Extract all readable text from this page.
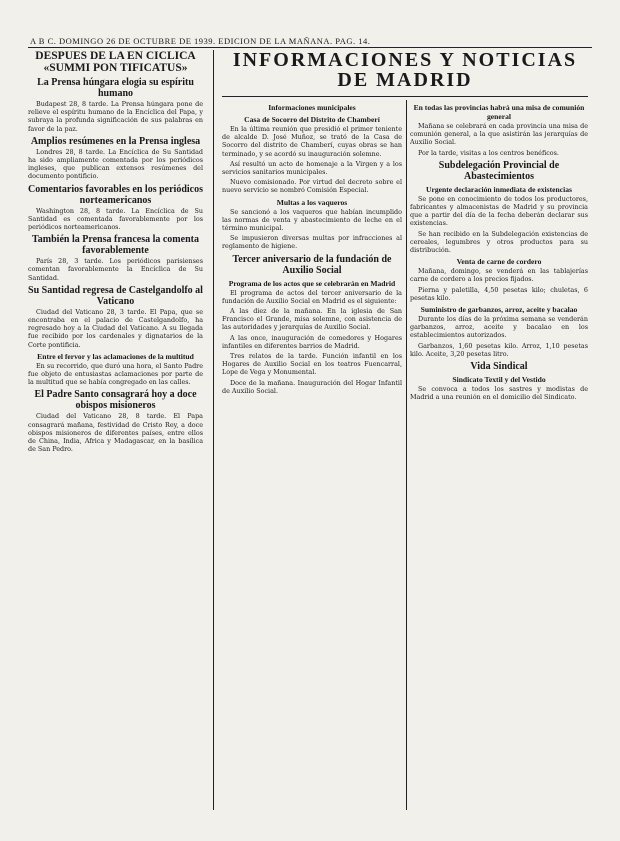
A B C. DOMINGO 26 DE OCTUBRE DE 1939. EDICION DE LA MAÑANA. PAG. 14.
DESPUES DE LA EN CICLICA «SUMMI PON TIFICATUS»
La Prensa húngara elogia su espíritu humano

Budapest 28, 8 tarde. La Prensa húngara pone de relieve el espíritu humano de la Encíclica del Papa, y subraya la profunda significación de sus palabras en favor de la paz.

Amplios resúmenes en la Prensa inglesa

Londres 28, 8 tarde. La Encíclica de Su Santidad ha sido ampliamente comentada por los periódicos ingleses, que publican extensos resúmenes del documento pontificio.

Comentarios favorables en los periódicos norteamericanos

Washington 28, 8 tarde. La Encíclica de Su Santidad es comentada favorablemente por los periódicos norteamericanos.

También la Prensa francesa la comenta favorablemente

París 28, 3 tarde. Los periódicos parisienses comentan favorablemente la Encíclica de Su Santidad.

Su Santidad regresa de Castelgandolfo al Vaticano

Ciudad del Vaticano 28, 3 tarde. El Papa, que se encontraba en el palacio de Castelgandolfo, ha regresado hoy a la Ciudad del Vaticano. A su llegada fue recibido por los cardenales y dignatarios de la Corte pontificia.

Entre el fervor y las aclamaciones de la multitud

En su recorrido, que duró una hora, el Santo Padre fue objeto de entusiastas aclamaciones por parte de la multitud que se había congregado en las calles.

El Padre Santo consagrará hoy a doce obispos misioneros

Ciudad del Vaticano 28, 8 tarde. El Papa consagrará mañana, festividad de Cristo Rey, a doce obispos misioneros de diferentes países, entre ellos de China, India, Africa y Madagascar, en la basílica de San Pedro.

INFORMACIONES Y NOTICIAS DE MADRID
Informaciones municipales
Casa de Socorro del Distrito de Chamberí

En la última reunión que presidió el primer teniente de alcalde D. José Muñoz, se trató de la Casa de Socorro del distrito de Chamberí, cuyas obras se han terminado, y se acordó su inauguración solemne.

Así resultó un acto de homenaje a la Virgen y a los servicios sanitarios municipales.

Nuevo comisionado. Por virtud del decreto sobre el nuevo servicio se nombró Comisión Especial.

Multas a los vaqueros

Se sancionó a los vaqueros que habían incumplido las normas de venta y abastecimiento de leche en el término municipal.

Se impusieron diversas multas por infracciones al reglamento de higiene.

Tercer aniversario de la fundación de Auxilio Social
Programa de los actos que se celebrarán en Madrid

El programa de actos del tercer aniversario de la fundación de Auxilio Social en Madrid es el siguiente:

A las diez de la mañana. En la iglesia de San Francisco el Grande, misa solemne, con asistencia de las autoridades y jerarquías de Auxilio Social.

A las once, inauguración de comedores y Hogares infantiles en diferentes barrios de Madrid.

Tres relatos de la tarde. Función infantil en los Hogares de Auxilio Social en los teatros Fuencarral, Lope de Vega y Monumental.

Doce de la mañana. Inauguración del Hogar Infantil de Auxilio Social.

En todas las provincias habrá una misa de comunión general

Mañana se celebrará en cada provincia una misa de comunión general, a la que asistirán las jerarquías de Auxilio Social.

Por la tarde, visitas a los centros benéficos.

Subdelegación Provincial de Abastecimientos
Urgente declaración inmediata de existencias

Se pone en conocimiento de todos los productores, fabricantes y almacenistas de Madrid y su provincia que a partir del día de la fecha deberán declarar sus existencias.

Se han recibido en la Subdelegación existencias de cereales, legumbres y otros productos para su distribución.

Venta de carne de cordero

Mañana, domingo, se venderá en las tablajerías carne de cordero a los precios fijados.

Pierna y paletilla, 4,50 pesetas kilo; chuletas, 6 pesetas kilo.

Suministro de garbanzos, arroz, aceite y bacalao

Durante los días de la próxima semana se venderán garbanzos, arroz, aceite y bacalao en los establecimientos autorizados.

Garbanzos, 1,60 pesetas kilo. Arroz, 1,10 pesetas kilo. Aceite, 3,20 pesetas litro.

Vida Sindical
Sindicato Textil y del Vestido

Se convoca a todos los sastres y modistas de Madrid a una reunión en el domicilio del Sindicato.
